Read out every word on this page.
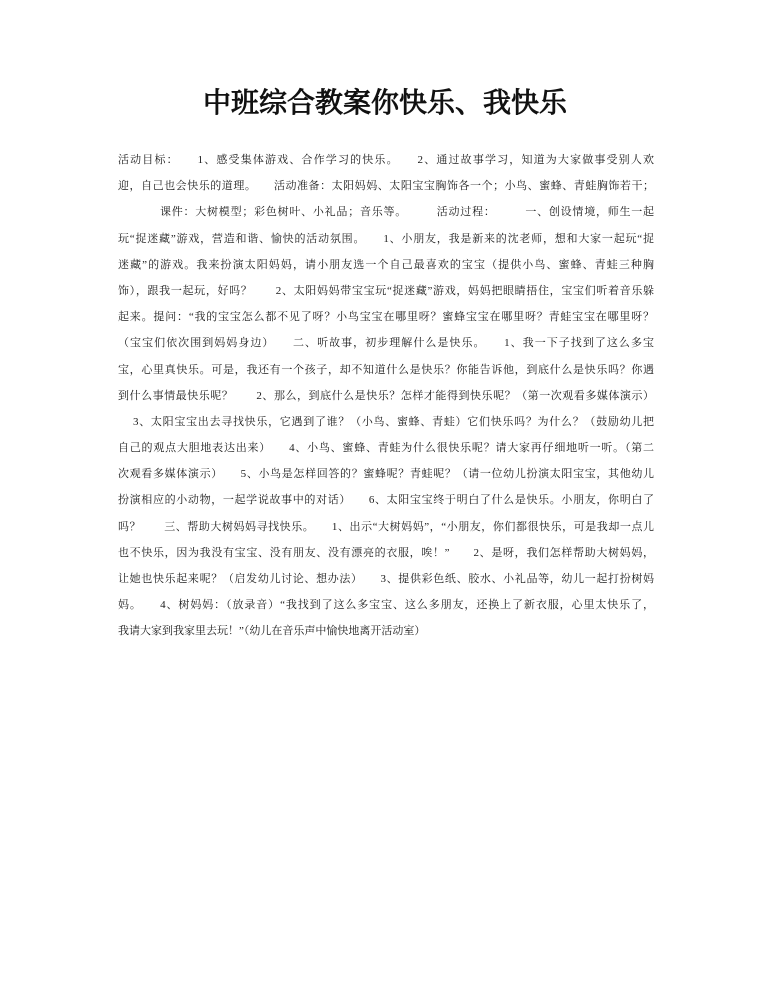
中班综合教案你快乐、我快乐
活动目标：　　1、感受集体游戏、合作学习的快乐。　　2、通过故事学习，知道为大家做事受别人欢
迎，自己也会快乐的道理。　　活动准备：太阳妈妈、太阳宝宝胸饰各一个；小鸟、蜜蜂、青蛙胸饰若干；
课件：大树模型；彩色树叶、小礼品；音乐等。　　　活动过程：　　　一、创设情境，师生一起
玩“捉迷藏”游戏，营造和谐、愉快的活动氛围。　　1、小朋友，我是新来的沈老师，想和大家一起玩“捉
迷藏”的游戏。我来扮演太阳妈妈，请小朋友选一个自己最喜欢的宝宝（提供小鸟、蜜蜂、青蛙三种胸
饰），跟我一起玩，好吗？　　2、太阳妈妈带宝宝玩“捉迷藏”游戏，妈妈把眼睛捂住，宝宝们听着音乐躲
起来。提问：“我的宝宝怎么都不见了呀？小鸟宝宝在哪里呀？蜜蜂宝宝在哪里呀？青蛙宝宝在哪里呀？
（宝宝们依次围到妈妈身边）　　二、听故事，初步理解什么是快乐。　　1、我一下子找到了这么多宝
宝，心里真快乐。可是，我还有一个孩子，却不知道什么是快乐？你能告诉他，到底什么是快乐吗？你遇
到什么事情最快乐呢？　　2、那么，到底什么是快乐？怎样才能得到快乐呢？（第一次观看多媒体演示）
3、太阳宝宝出去寻找快乐，它遇到了谁？（小鸟、蜜蜂、青蛙）它们快乐吗？为什么？（鼓励幼儿把
自己的观点大胆地表达出来）　　4、小鸟、蜜蜂、青蛙为什么很快乐呢？请大家再仔细地听一听。（第二
次观看多媒体演示）　　5、小鸟是怎样回答的？蜜蜂呢？青蛙呢？（请一位幼儿扮演太阳宝宝，其他幼儿
扮演相应的小动物，一起学说故事中的对话）　　6、太阳宝宝终于明白了什么是快乐。小朋友，你明白了
吗？　　三、帮助大树妈妈寻找快乐。　　1、出示“大树妈妈”，“小朋友，你们都很快乐，可是我却一点儿
也不快乐，因为我没有宝宝、没有朋友、没有漂亮的衣服，唉！”　　2、是呀，我们怎样帮助大树妈妈，
让她也快乐起来呢？（启发幼儿讨论、想办法）　　3、提供彩色纸、胶水、小礼品等，幼儿一起打扮树妈
妈。　　4、树妈妈：（放录音）“我找到了这么多宝宝、这么多朋友，还换上了新衣服，心里太快乐了，
我请大家到我家里去玩！”（幼儿在音乐声中愉快地离开活动室）
